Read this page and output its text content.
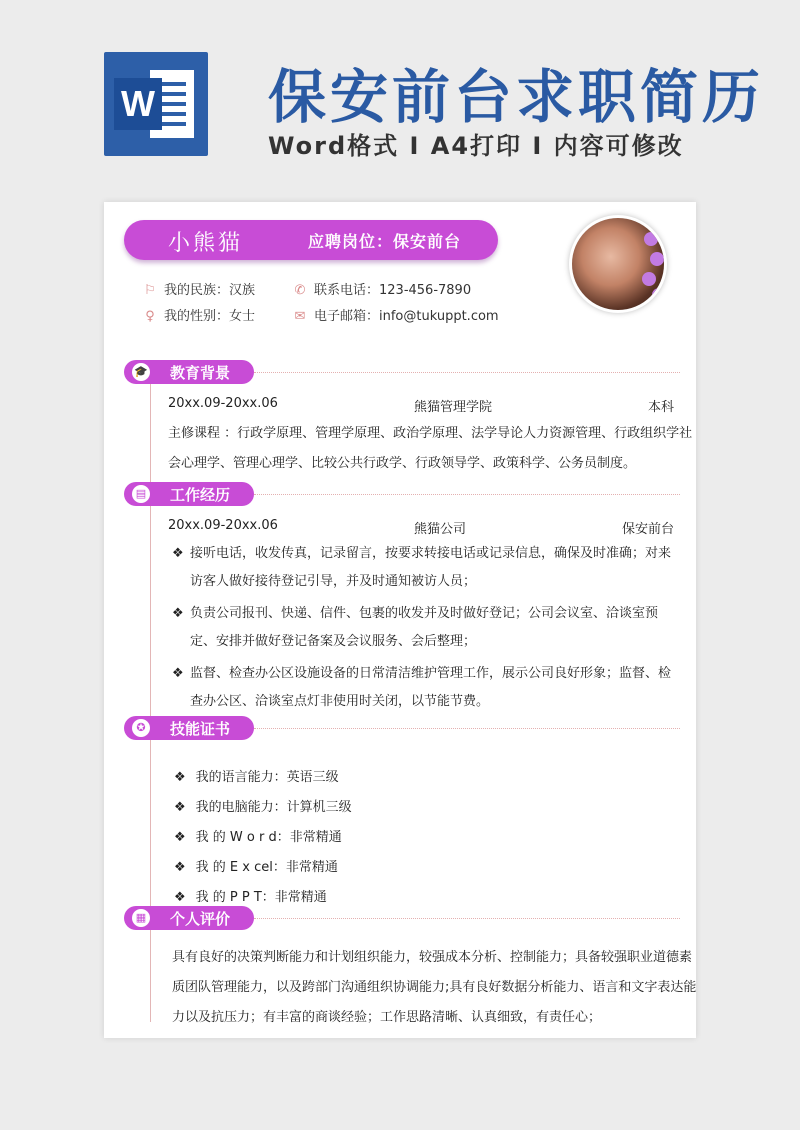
W 保安前台求职简历
Word格式 I A4打印 I 内容可修改
小熊猫	应聘岗位：保安前台
⚐ 我的民族：汉族	✆ 联系电话：123-456-7890
♀ 我的性别：女士	✉ 电子邮箱：info@tukuppt.com
🎓 教育背景
20xx.09-20xx.06	熊猫管理学院	本科
主修课程 ：行政学原理、管理学原理、政治学原理、法学导论人力资源管理、行政组织学社
会心理学、管理心理学、比较公共行政学、行政领导学、政策科学、公务员制度。
▤ 工作经历
20xx.09-20xx.06	熊猫公司	保安前台
❖ 接听电话，收发传真，记录留言，按要求转接电话或记录信息，确保及时准确；对来访客人做好接待登记引导，并及时通知被访人员；
❖ 负责公司报刊、快递、信件、包裹的收发并及时做好登记；公司会议室、洽谈室预定、安排并做好登记备案及会议服务、会后整理；
❖ 监督、检查办公区设施设备的日常清洁维护管理工作，展示公司良好形象；监督、检查办公区、洽谈室点灯非使用时关闭，以节能节费。
✪ 技能证书
❖ 我的语言能力：英语三级
❖ 我的电脑能力：计算机三级
❖ 我 的 W o r d：非常精通
❖ 我 的 E x cel：非常精通
❖ 我 的 P P T：非常精通
▦ 个人评价
具有良好的决策判断能力和计划组织能力，较强成本分析、控制能力；具备较强职业道德素
质团队管理能力，以及跨部门沟通组织协调能力;具有良好数据分析能力、语言和文字表达能
力以及抗压力；有丰富的商谈经验；工作思路清晰、认真细致，有责任心；
